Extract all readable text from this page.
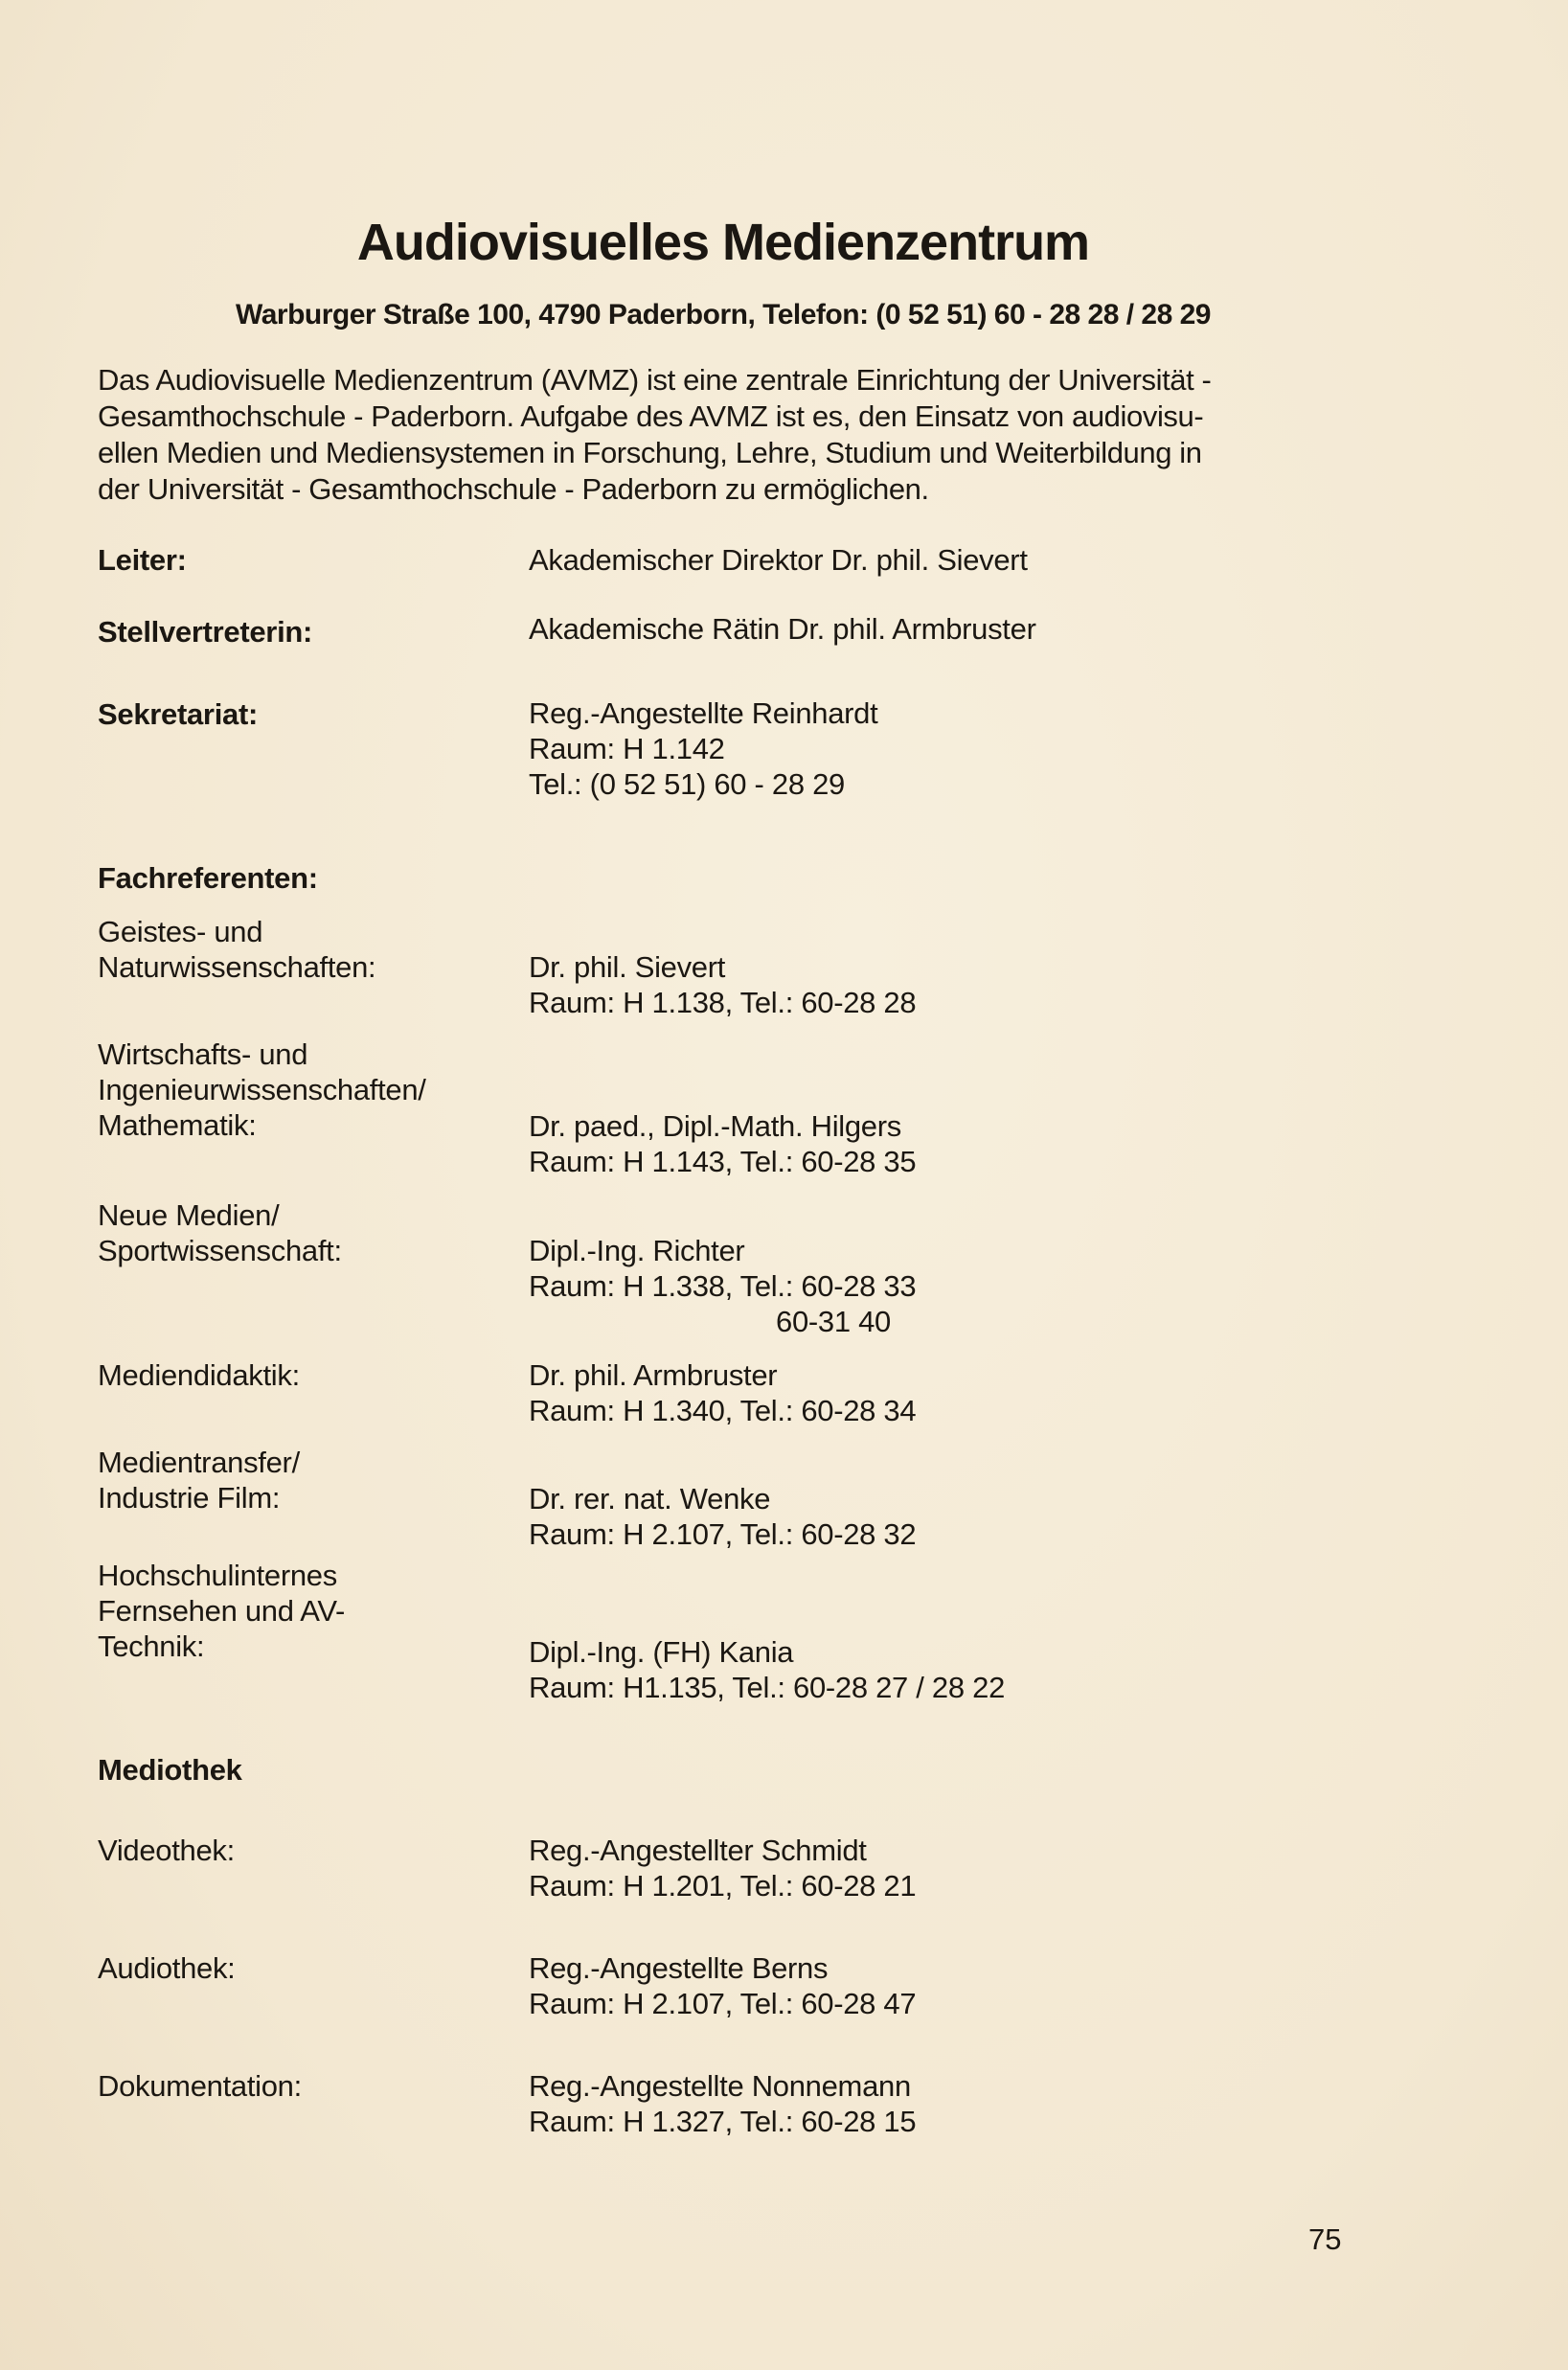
Audiovisuelles Medienzentrum
Warburger Straße 100, 4790 Paderborn, Telefon: (0 52 51) 60 - 28 28 / 28 29

Das Audiovisuelle Medienzentrum (AVMZ) ist eine zentrale Einrichtung der Universität -

Gesamthochschule - Paderborn. Aufgabe des AVMZ ist es, den Einsatz von audiovisu-

ellen Medien und Mediensystemen in Forschung, Lehre, Studium und Weiterbildung in

der Universität - Gesamthochschule - Paderborn zu ermöglichen.

Leiter:	Akademischer Direktor Dr. phil. Sievert
Stellvertreterin:	Akademische Rätin Dr. phil. Armbruster
Sekretariat:	Reg.-Angestellte Reinhardt
Raum: H 1.142
Tel.: (0 52 51) 60 - 28 29
Fachreferenten:
Geistes- und
Naturwissenschaften:	Dr. phil. Sievert
Raum: H 1.138, Tel.: 60-28 28
Wirtschafts- und
Ingenieurwissenschaften/
Mathematik:	Dr. paed., Dipl.-Math. Hilgers
Raum: H 1.143, Tel.: 60-28 35
Neue Medien/
Sportwissenschaft:	Dipl.-Ing. Richter
Raum: H 1.338, Tel.: 60-28 33
60-31 40
Mediendidaktik:	Dr. phil. Armbruster
Raum: H 1.340, Tel.: 60-28 34
Medientransfer/
Industrie Film:	Dr. rer. nat. Wenke
Raum: H 2.107, Tel.: 60-28 32
Hochschulinternes
Fernsehen und AV-
Technik:	Dipl.-Ing. (FH) Kania
Raum: H1.135, Tel.: 60-28 27 / 28 22
Mediothek
Videothek:	Reg.-Angestellter Schmidt
Raum: H 1.201, Tel.: 60-28 21
Audiothek:	Reg.-Angestellte Berns
Raum: H 2.107, Tel.: 60-28 47
Dokumentation:	Reg.-Angestellte Nonnemann
Raum: H 1.327, Tel.: 60-28 15
75
